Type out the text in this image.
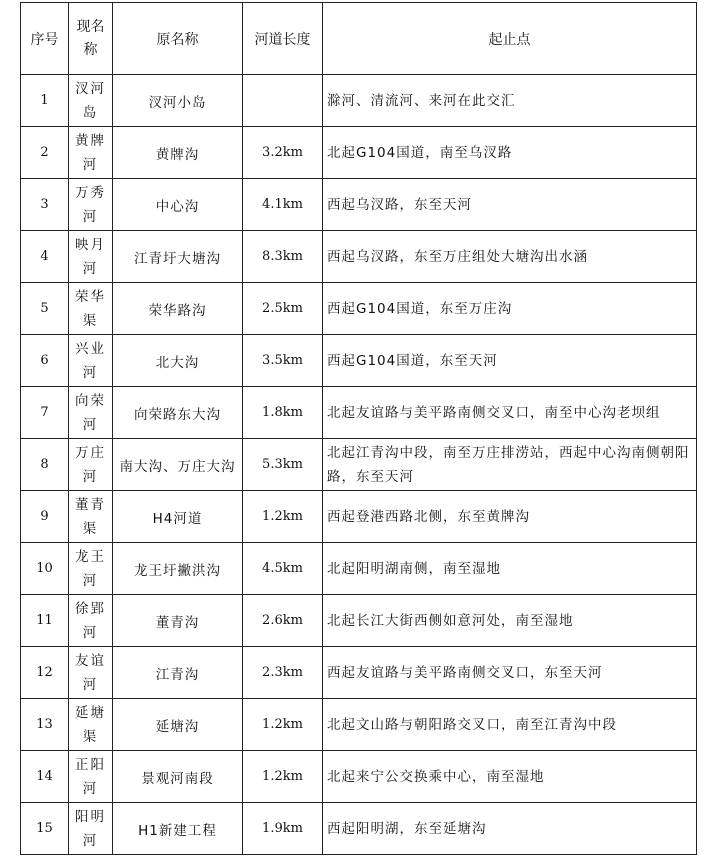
序号	现名称	原名称	河道长度	起止点
1	汊河岛	汊河小岛		滁河、清流河、来河在此交汇
2	黄牌河	黄牌沟	3.2km	北起G104国道，南至乌汊路
3	万秀河	中心沟	4.1km	西起乌汊路，东至天河
4	映月河	江青圩大塘沟	8.3km	西起乌汊路，东至万庄组处大塘沟出水涵
5	荣华渠	荣华路沟	2.5km	西起G104国道，东至万庄沟
6	兴业河	北大沟	3.5km	西起G104国道，东至天河
7	向荣河	向荣路东大沟	1.8km	北起友谊路与美平路南侧交叉口，南至中心沟老坝组
8	万庄河	南大沟、万庄大沟	5.3km	北起江青沟中段，南至万庄排涝站，西起中心沟南侧朝阳路，东至天河
9	董青渠	H4河道	1.2km	西起登港西路北侧，东至黄牌沟
10	龙王河	龙王圩撇洪沟	4.5km	北起阳明湖南侧，南至湿地
11	徐郢河	董青沟	2.6km	北起长江大街西侧如意河处，南至湿地
12	友谊河	江青沟	2.3km	西起友谊路与美平路南侧交叉口，东至天河
13	延塘渠	延塘沟	1.2km	北起文山路与朝阳路交叉口，南至江青沟中段
14	正阳河	景观河南段	1.2km	北起来宁公交换乘中心，南至湿地
15	阳明河	H1新建工程	1.9km	西起阳明湖，东至延塘沟
